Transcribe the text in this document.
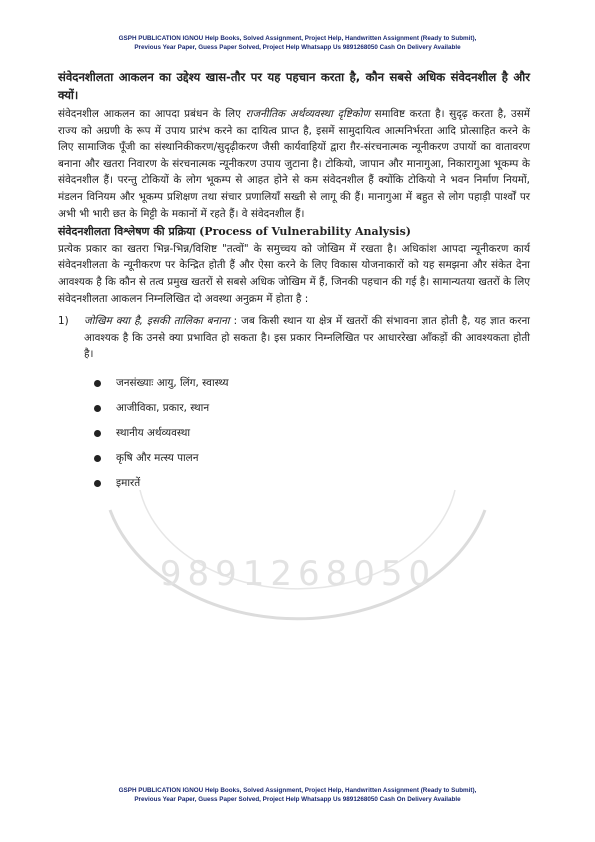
GSPH PUBLICATION IGNOU Help Books, Solved Assignment, Project Help, Handwritten Assignment (Ready to Submit),
Previous Year Paper, Guess Paper Solved, Project Help Whatsapp Us 9891268050 Cash On Delivery Available
9891268050

संवेदनशीलता आकलन का उद्देश्य खास-तौर पर यह पहचान करता है, कौन सबसे अधिक संवेदनशील है और क्यों।

संवेदनशील आकलन का आपदा प्रबंधन के लिए राजनीतिक अर्थव्यवस्था दृष्टिकोण समाविष्ट करता है। सुदृढ़ करता है, उसमें राज्य को अग्रणी के रूप में उपाय प्रारंभ करने का दायित्व प्राप्त है, इसमें सामुदायित्व आत्मनिर्भरता आदि प्रोत्साहित करने के लिए सामाजिक पूँजी का संस्थानिकीकरण/सुदृढ़ीकरण जैसी कार्यवाहियों द्वारा ग़ैर-संरचनात्मक न्यूनीकरण उपायों का वातावरण बनाना और खतरा निवारण के संरचनात्मक न्यूनीकरण उपाय जुटाना है। टोकियो, जापान और मानागुआ, निकारागुआ भूकम्प के संवेदनशील हैं। परन्तु टोकियों के लोग भूकम्प से आहत होने से कम संवेदनशील हैं क्योंकि टोकियो ने भवन निर्माण नियमों, मंडलन विनियम और भूकम्प प्रशिक्षण तथा संचार प्रणालियाँ सख्ती से लागू की हैं। मानागुआ में बहुत से लोग पहाड़ी पार्श्वों पर अभी भी भारी छत के मिट्टी के मकानों में रहते हैं। वे संवेदनशील हैं।

संवेदनशीलता विश्लेषण की प्रक्रिया (Process of Vulnerability Analysis)

प्रत्येक प्रकार का खतरा भिन्न-भिन्न/विशिष्ट "तत्वों" के समुच्चय को जोखिम में रखता है। अधिकांश आपदा न्यूनीकरण कार्य संवेदनशीलता के न्यूनीकरण पर केन्द्रित होती हैं और ऐसा करने के लिए विकास योजनाकारों को यह समझना और संकेत देना आवश्यक है कि कौन से तत्व प्रमुख खतरों से सबसे अधिक जोखिम में हैं, जिनकी पहचान की गई है। सामान्यतया खतरों के लिए संवेदनशीलता आकलन निम्नलिखित दो अवस्था अनुक्रम में होता है :

1)	जोखिम क्या है, इसकी तालिका बनाना : जब किसी स्थान या क्षेत्र में खतरों की संभावना ज्ञात होती है, यह ज्ञात करना आवश्यक है कि उनसे क्या प्रभावित हो सकता है। इस प्रकार निम्नलिखित पर आधाररेखा आँकड़ों की आवश्यकता होती है।
जनसंख्याः आयु, लिंग, स्वास्थ्य
आजीविका, प्रकार, स्थान
स्थानीय अर्थव्यवस्था
कृषि और मत्स्य पालन
इमारतें
GSPH PUBLICATION IGNOU Help Books, Solved Assignment, Project Help, Handwritten Assignment (Ready to Submit),
Previous Year Paper, Guess Paper Solved, Project Help Whatsapp Us 9891268050 Cash On Delivery Available
